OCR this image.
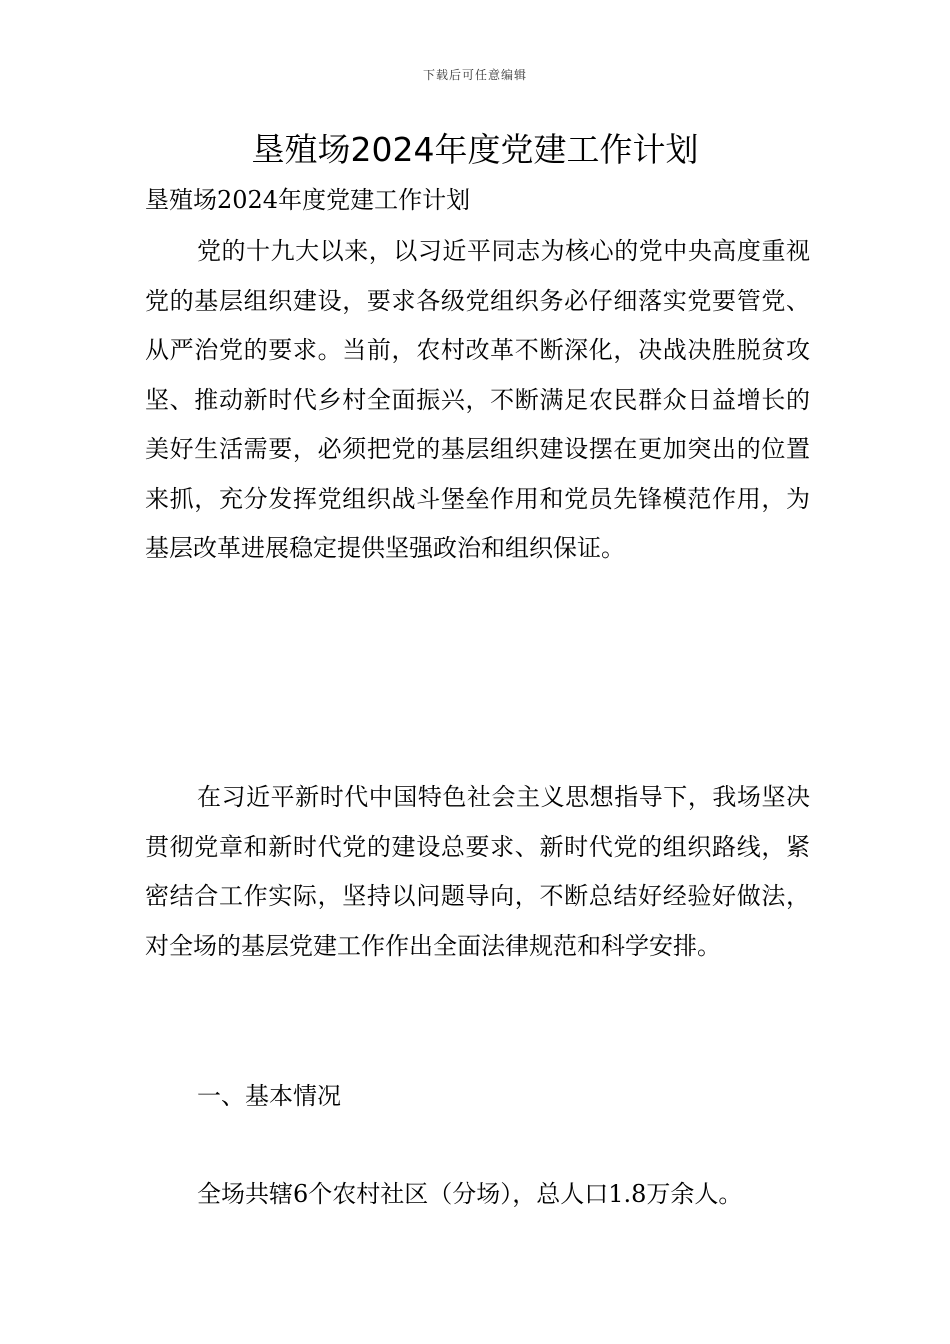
下载后可任意编辑
垦殖场2024年度党建工作计划

垦殖场2024年度党建工作计划

党的十九大以来，以习近平同志为核心的党中央高度重视党的基层组织建设，要求各级党组织务必仔细落实党要管党、从严治党的要求。当前，农村改革不断深化，决战决胜脱贫攻坚、推动新时代乡村全面振兴，不断满足农民群众日益增长的美好生活需要，必须把党的基层组织建设摆在更加突出的位置来抓，充分发挥党组织战斗堡垒作用和党员先锋模范作用，为基层改革进展稳定提供坚强政治和组织保证。

在习近平新时代中国特色社会主义思想指导下，我场坚决贯彻党章和新时代党的建设总要求、新时代党的组织路线，紧密结合工作实际，坚持以问题导向，不断总结好经验好做法，对全场的基层党建工作作出全面法律规范和科学安排。

一、基本情况

全场共辖6个农村社区（分场），总人口1.8万余人。
